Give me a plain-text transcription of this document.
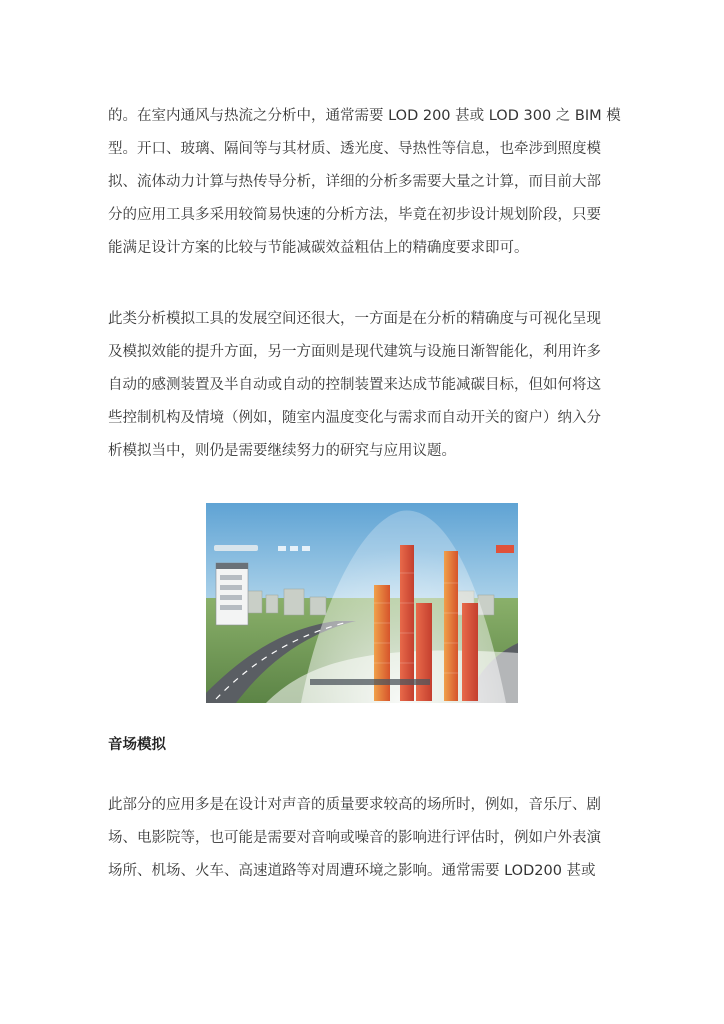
的。在室内通风与热流之分析中，通常需要 LOD 200 甚或 LOD 300 之 BIM 模
型。开口、玻璃、隔间等与其材质、透光度、导热性等信息，也牵涉到照度模
拟、流体动力计算与热传导分析，详细的分析多需要大量之计算，而目前大部
分的应用工具多采用较简易快速的分析方法，毕竟在初步设计规划阶段，只要
能满足设计方案的比较与节能减碳效益粗估上的精确度要求即可。
此类分析模拟工具的发展空间还很大，一方面是在分析的精确度与可视化呈现
及模拟效能的提升方面，另一方面则是现代建筑与设施日渐智能化，利用许多
自动的感测装置及半自动或自动的控制装置来达成节能减碳目标，但如何将这
些控制机构及情境（例如，随室内温度变化与需求而自动开关的窗户）纳入分
析模拟当中，则仍是需要继续努力的研究与应用议题。
音场模拟
此部分的应用多是在设计对声音的质量要求较高的场所时，例如，音乐厅、剧
场、电影院等，也可能是需要对音响或噪音的影响进行评估时，例如户外表演
场所、机场、火车、高速道路等对周遭环境之影响。通常需要 LOD200 甚或
